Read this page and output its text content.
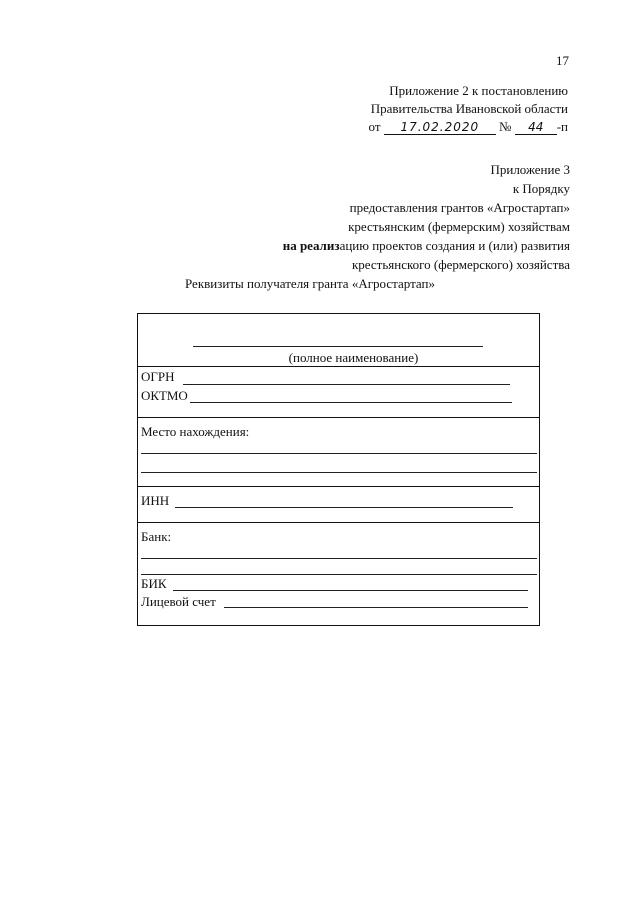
17
Приложение 2 к постановлению
Правительства Ивановской области
от 17.02.2020 № 44 -п
Приложение 3
к Порядку
предоставления грантов «Агростартап»
крестьянским (фермерским) хозяйствам
на реализацию проектов создания и (или) развития
крестьянского (фермерского) хозяйства
Реквизиты получателя гранта «Агростартап»
(полное наименование)
ОГРН
ОКТМО
Место нахождения:
ИНН
Банк:
БИК
Лицевой счет
